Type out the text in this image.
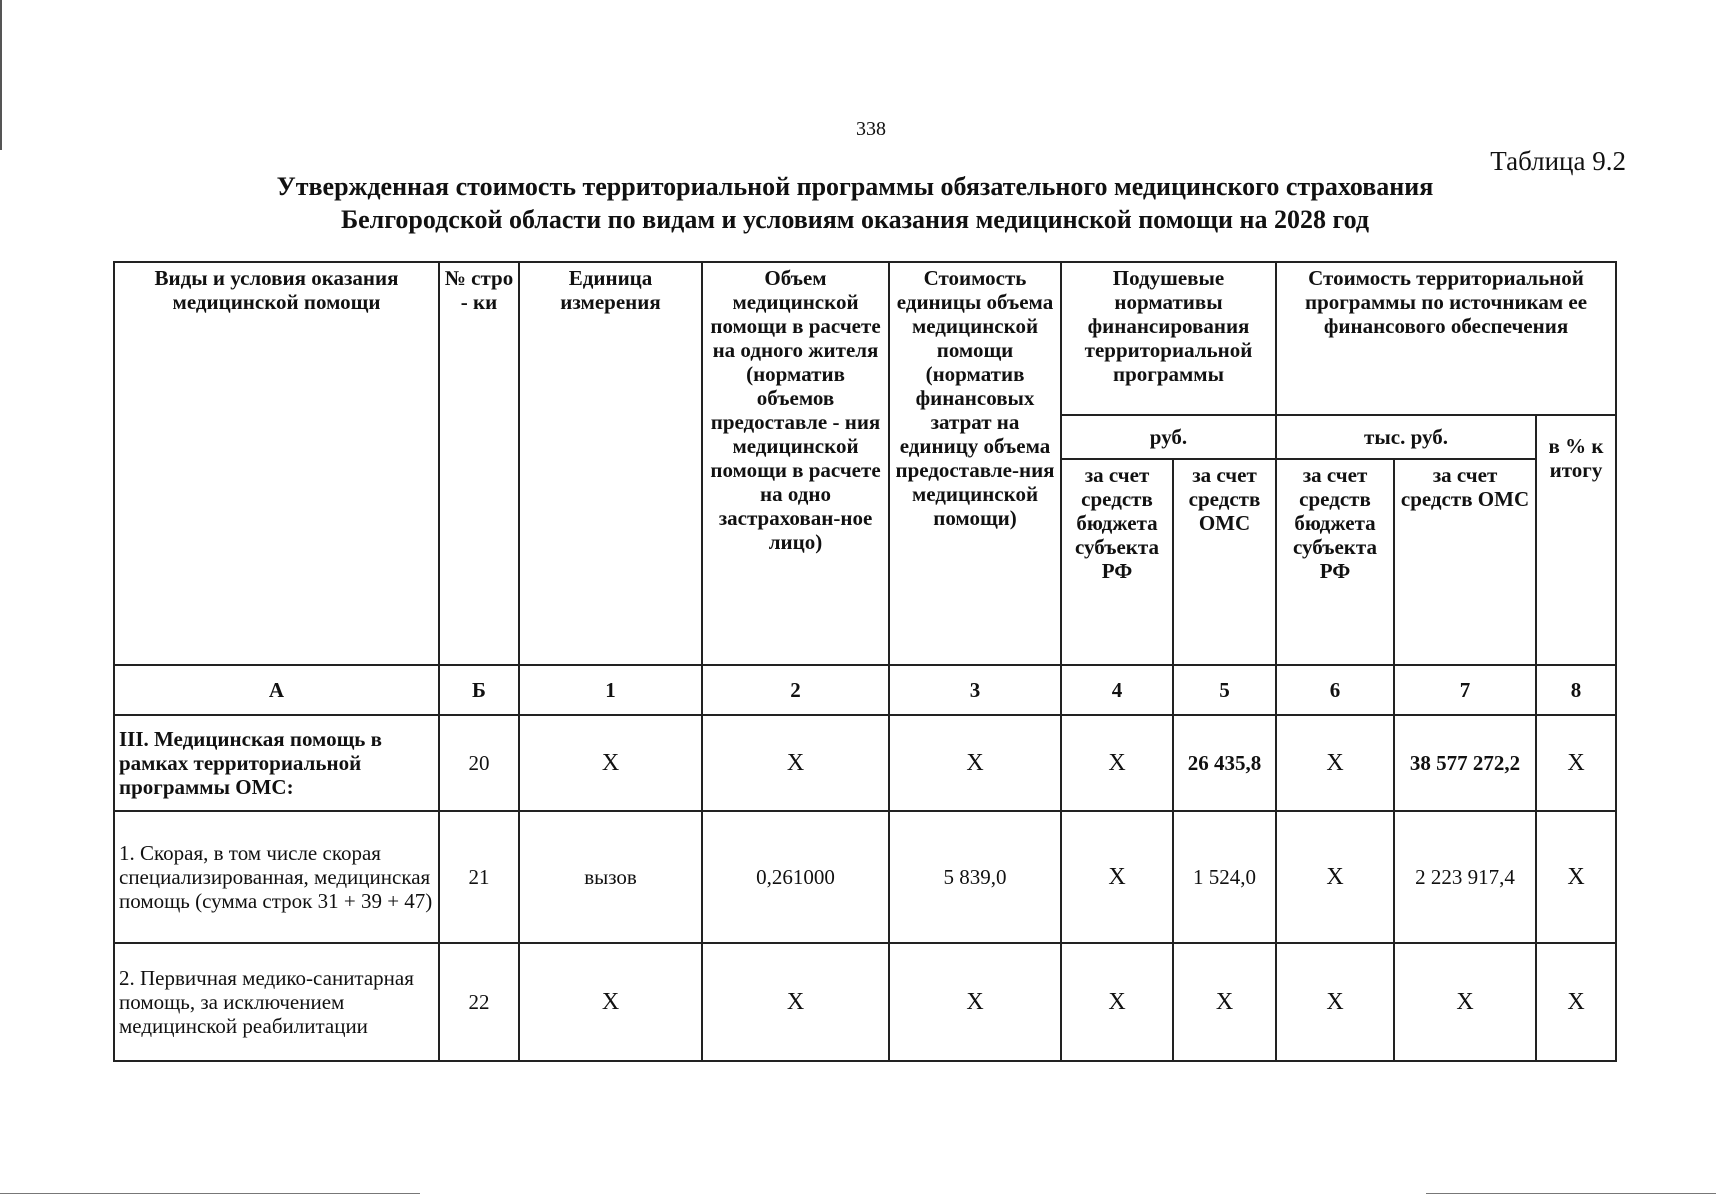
338
Таблица 9.2
Утвержденная стоимость территориальной программы обязательного медицинского страхования
Белгородской области по видам и условиям оказания медицинской помощи на 2028 год
Виды и условия оказания медицинской помощи	№ стро - ки	Единица измерения	Объем медицинской помощи в расчете на одного жителя (норматив объемов предоставле - ния медицинской помощи в расчете на одно застрахован-ное лицо)	Стоимость единицы объема медицинской помощи (норматив финансовых затрат на единицу объема предоставле-ния медицинской помощи)	Подушевые нормативы финансирования территориальной программы		Стоимость территориальной программы по источникам ее финансового обеспечения		
					руб.		тыс. руб.		в % к итогу
					за счет средств бюджета субъекта РФ	за счет средств ОМС	за счет средств бюджета субъекта РФ	за счет средств ОМС	
А	Б	1	2	3	4	5	6	7	8
III. Медицинская помощь в рамках территориальной программы ОМС:	20	Х	Х	Х	Х	26 435,8	Х	38 577 272,2	Х
1. Скорая, в том числе скорая специализированная, медицинская помощь (сумма строк 31 + 39 + 47)	21	вызов	0,261000	5 839,0	Х	1 524,0	Х	2 223 917,4	Х
2. Первичная медико-санитарная помощь, за исключением медицинской реабилитации	22	Х	Х	Х	Х	Х	Х	Х	Х
